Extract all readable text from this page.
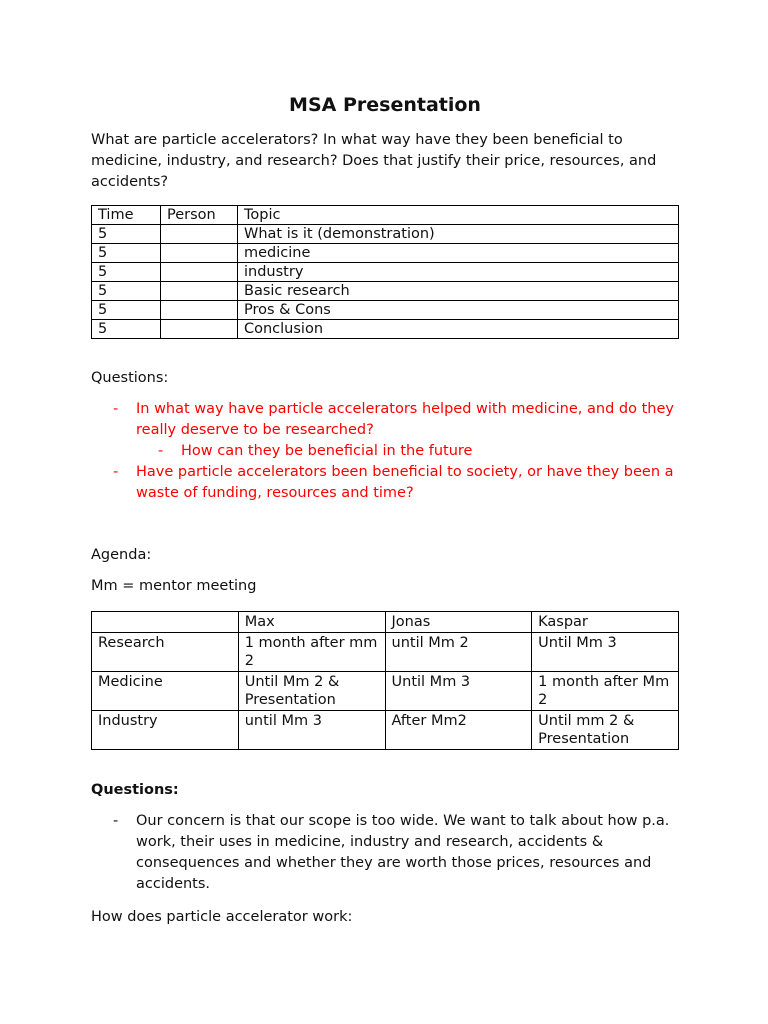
MSA Presentation

What are particle accelerators? In what way have they been beneficial to medicine, industry, and research? Does that justify their price, resources, and accidents?

Time	Person	Topic
5		What is it (demonstration)
5		medicine
5		industry
5		Basic research
5		Pros & Cons
5		Conclusion

Questions:

- In what way have particle accelerators helped with medicine, and do they really deserve to be researched?
- How can they be beneficial in the future
- Have particle accelerators been beneficial to society, or have they been a waste of funding, resources and time?

Agenda:

Mm = mentor meeting

	Max	Jonas	Kaspar
Research	1 month after mm 2	until Mm 2	Until Mm 3
Medicine	Until Mm 2 & Presentation	Until Mm 3	1 month after Mm 2
Industry	until Mm 3	After Mm2	Until mm 2 & Presentation

Questions:

- Our concern is that our scope is too wide. We want to talk about how p.a. work, their uses in medicine, industry and research, accidents & consequences and whether they are worth those prices, resources and accidents.

How does particle accelerator work:
